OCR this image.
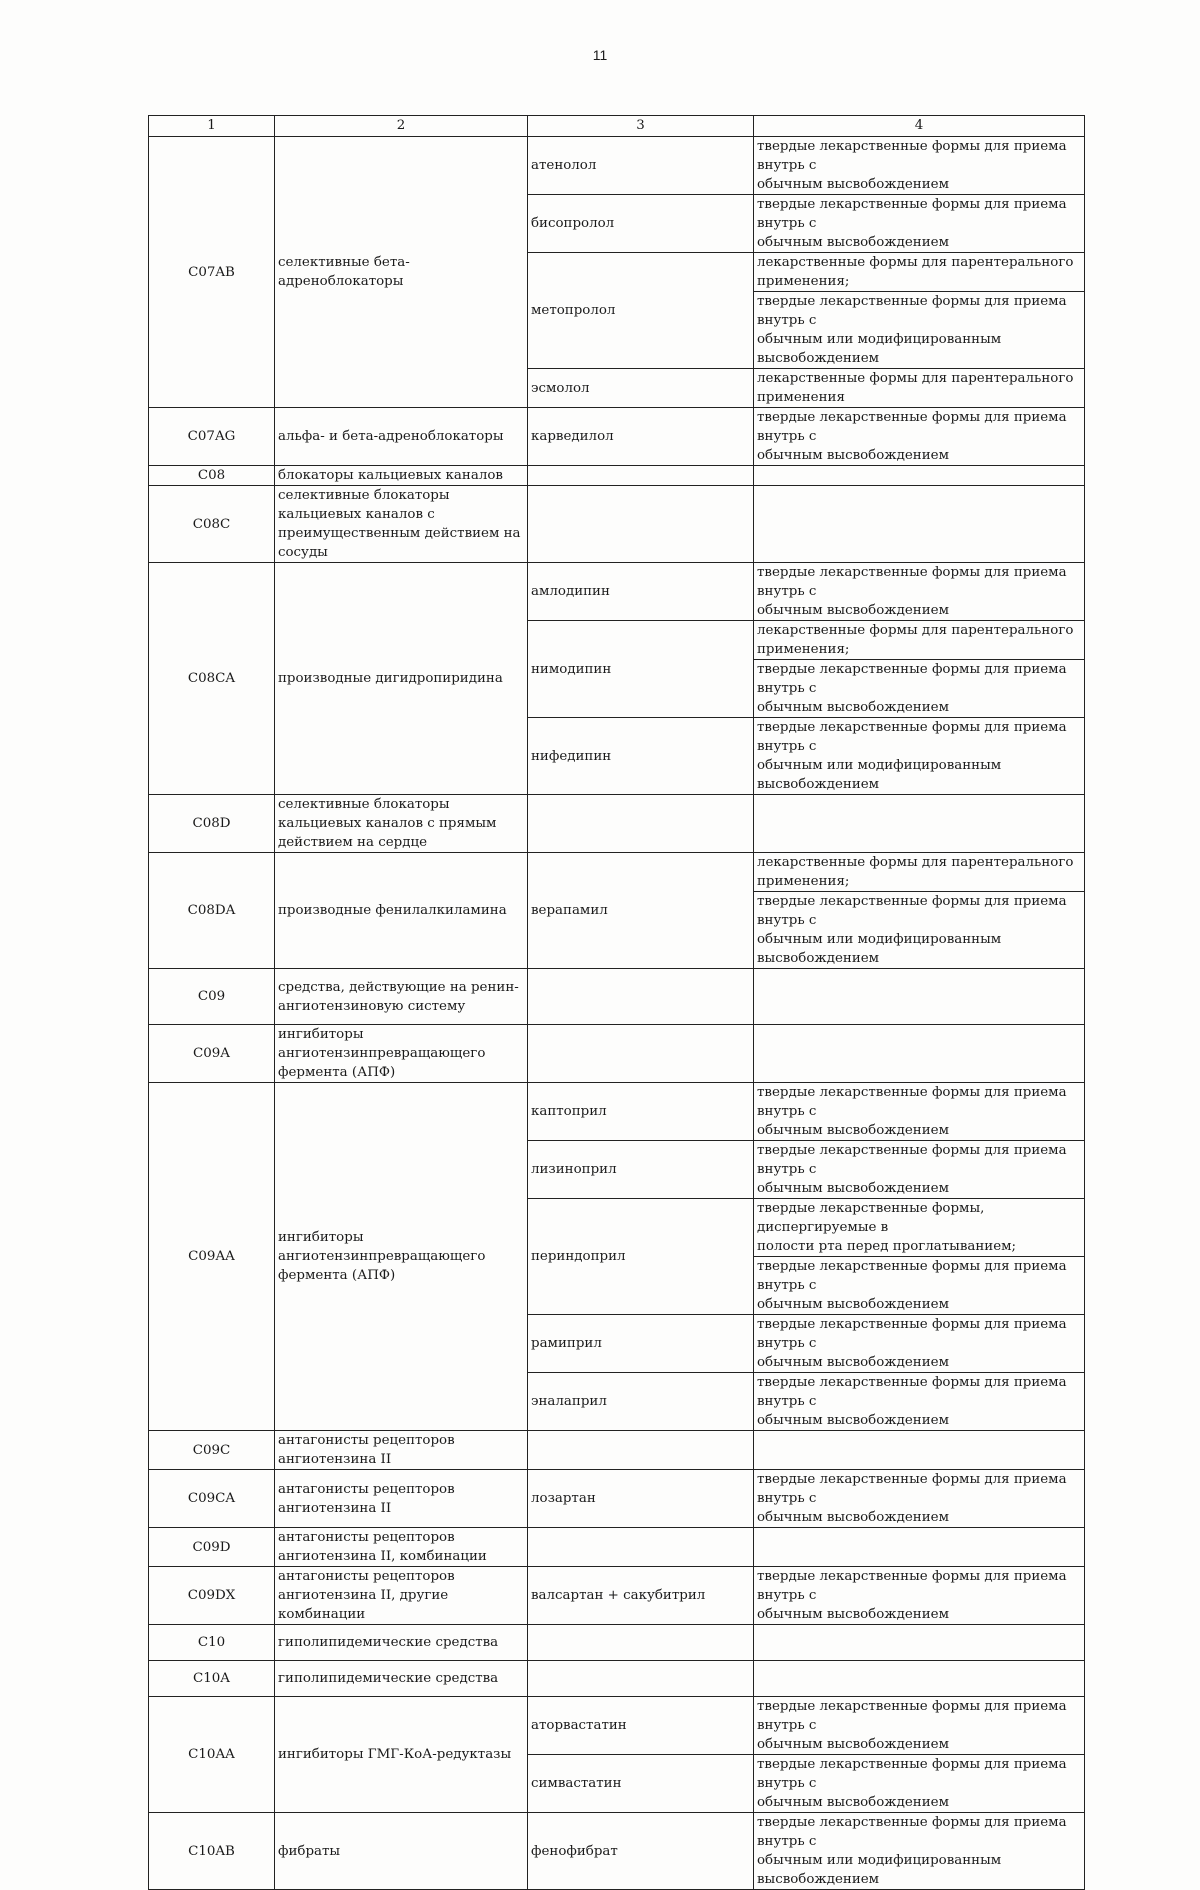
11
1	2	3	4
C07AB	селективные бета-
адреноблокаторы	атенолол	твердые лекарственные формы для приема внутрь с
обычным высвобождением
		бисопролол	твердые лекарственные формы для приема внутрь с
обычным высвобождением
		метопролол	лекарственные формы для парентерального
применения;
			твердые лекарственные формы для приема внутрь с
обычным или модифицированным высвобождением
		эсмолол	лекарственные формы для парентерального
применения
C07AG	альфа- и бета-адреноблокаторы	карведилол	твердые лекарственные формы для приема внутрь с
обычным высвобождением
C08	блокаторы кальциевых каналов		
C08C	селективные блокаторы
кальциевых каналов с
преимущественным действием на
сосуды		
C08CA	производные дигидропиридина	амлодипин	твердые лекарственные формы для приема внутрь с
обычным высвобождением
		нимодипин	лекарственные формы для парентерального
применения;
			твердые лекарственные формы для приема внутрь с
обычным высвобождением
		нифедипин	твердые лекарственные формы для приема внутрь с
обычным или модифицированным высвобождением
C08D	селективные блокаторы
кальциевых каналов с прямым
действием на сердце		
C08DA	производные фенилалкиламина	верапамил	лекарственные формы для парентерального
применения;
			твердые лекарственные формы для приема внутрь с
обычным или модифицированным высвобождением
C09	средства, действующие на ренин-
ангиотензиновую систему		
C09A	ингибиторы
ангиотензинпревращающего
фермента (АПФ)		
C09AA	ингибиторы
ангиотензинпревращающего
фермента (АПФ)	каптоприл	твердые лекарственные формы для приема внутрь с
обычным высвобождением
		лизиноприл	твердые лекарственные формы для приема внутрь с
обычным высвобождением
		периндоприл	твердые лекарственные формы, диспергируемые в
полости рта перед проглатыванием;
			твердые лекарственные формы для приема внутрь с
обычным высвобождением
		рамиприл	твердые лекарственные формы для приема внутрь с
обычным высвобождением
		эналаприл	твердые лекарственные формы для приема внутрь с
обычным высвобождением
C09C	антагонисты рецепторов
ангиотензина II		
C09CA	антагонисты рецепторов
ангиотензина II	лозартан	твердые лекарственные формы для приема внутрь с
обычным высвобождением
C09D	антагонисты рецепторов
ангиотензина II, комбинации		
C09DX	антагонисты рецепторов
ангиотензина II, другие
комбинации	валсартан + сакубитрил	твердые лекарственные формы для приема внутрь с
обычным высвобождением
C10	гиполипидемические средства		
C10A	гиполипидемические средства		
C10AA	ингибиторы ГМГ-КоА-редуктазы	аторвастатин	твердые лекарственные формы для приема внутрь с
обычным высвобождением
		симвастатин	твердые лекарственные формы для приема внутрь с
обычным высвобождением
C10AB	фибраты	фенофибрат	твердые лекарственные формы для приема внутрь с
обычным или модифицированным высвобождением
